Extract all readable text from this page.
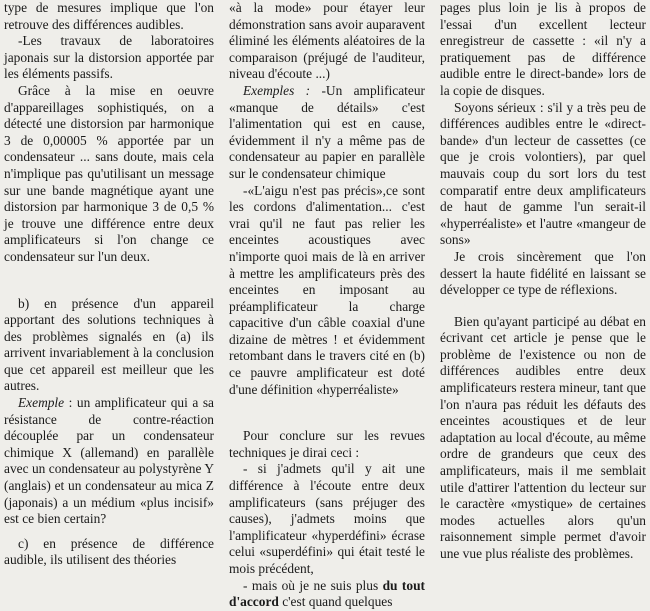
type de mesures implique que l'on retrouve des différences audibles.

-Les travaux de laboratoires japonais sur la distorsion apportée par les éléments passifs.

Grâce à la mise en oeuvre d'appareillages sophistiqués, on a détecté une distorsion par harmonique 3 de 0,00005 % apportée par un condensateur ... sans doute, mais cela n'implique pas qu'utilisant un message sur une bande magnétique ayant une distorsion par harmonique 3 de 0,5 % je trouve une différence entre deux amplificateurs si l'on change ce condensateur sur l'un deux.

b) en présence d'un appareil apportant des solutions techniques à des problèmes signalés en (a) ils arrivent invariablement à la conclusion que cet appareil est meilleur que les autres.

Exemple : un amplificateur qui a sa résistance de contre-réaction découplée par un condensateur chimique X (allemand) en parallèle avec un condensateur au polystyrène Y (anglais) et un condensateur au mica Z (japonais) a un médium «plus incisif» est ce bien certain?

c) en présence de différence audible, ils utilisent des théories

«à la mode» pour étayer leur démonstration sans avoir auparavent éliminé les éléments aléatoires de la comparaison (préjugé de l'auditeur, niveau d'écoute ...)

Exemples : -Un amplificateur «manque de détails» c'est l'alimentation qui est en cause, évidemment il n'y a même pas de condensateur au papier en parallèle sur le condensateur chimique

-«L'aigu n'est pas précis»,ce sont les cordons d'alimentation... c'est vrai qu'il ne faut pas relier les enceintes acoustiques avec n'importe quoi mais de là en arriver à mettre les amplificateurs près des enceintes en imposant au préamplificateur la charge capacitive d'un câble coaxial d'une dizaine de mètres ! et évidemment retombant dans le travers cité en (b) ce pauvre amplificateur est doté d'une définition «hyperréaliste»

Pour conclure sur les revues techniques je dirai ceci :

- si j'admets qu'il y ait une différence à l'écoute entre deux amplificateurs (sans préjuger des causes), j'admets moins que l'amplificateur «hyperdéfini» écrase celui «superdéfini» qui était testé le mois précédent,

- mais où je ne suis plus du tout d'accord c'est quand quelques

pages plus loin je lis à propos de l'essai d'un excellent lecteur enregistreur de cassette : «il n'y a pratiquement pas de différence audible entre le direct-bande» lors de la copie de disques.

Soyons sérieux : s'il y a très peu de différences audibles entre le «direct-bande» d'un lecteur de cassettes (ce que je crois volontiers), par quel mauvais coup du sort lors du test comparatif entre deux amplificateurs de haut de gamme l'un serait-il «hyperréaliste» et l'autre «mangeur de sons»

Je crois sincèrement que l'on dessert la haute fidélité en laissant se développer ce type de réflexions.

Bien qu'ayant participé au débat en écrivant cet article je pense que le problème de l'existence ou non de différences audibles entre deux amplificateurs restera mineur, tant que l'on n'aura pas réduit les défauts des enceintes acoustiques et de leur adaptation au local d'écoute, au même ordre de grandeurs que ceux des amplificateurs, mais il me semblait utile d'attirer l'attention du lecteur sur le caractère «mystique» de certaines modes actuelles alors qu'un raisonnement simple permet d'avoir une vue plus réaliste des problèmes.
